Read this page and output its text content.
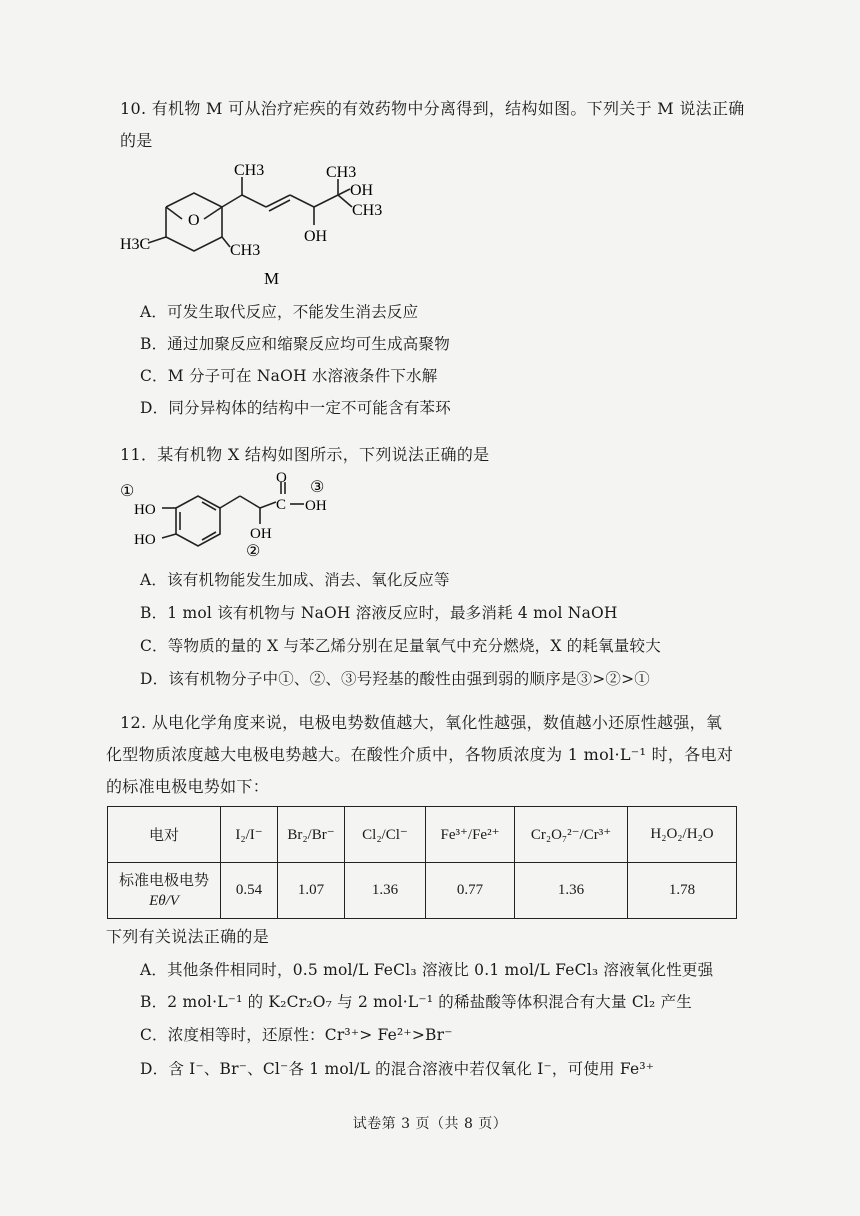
10. 有机物 M 可从治疗疟疾的有效药物中分离得到，结构如图。下列关于 M 说法正确
的是
CH3	CH3
OH
CH3
OH
CH3
H3C
O
M
A．可发生取代反应，不能发生消去反应
B．通过加聚反应和缩聚反应均可生成高聚物
C．M 分子可在 NaOH 水溶液条件下水解
D．同分异构体的结构中一定不可能含有苯环
11．某有机物 X 结构如图所示，下列说法正确的是
①	③
O
C OH
HO
HO	OH
②
A．该有机物能发生加成、消去、氧化反应等
B．1 mol 该有机物与 NaOH 溶液反应时，最多消耗 4 mol NaOH
C．等物质的量的 X 与苯乙烯分别在足量氧气中充分燃烧，X 的耗氧量较大
D．该有机物分子中①、②、③号羟基的酸性由强到弱的顺序是③>②>①
12. 从电化学角度来说，电极电势数值越大，氧化性越强，数值越小还原性越强，氧
化型物质浓度越大电极电势越大。在酸性介质中，各物质浓度为 1 mol·L⁻¹ 时，各电对
的标准电极电势如下：
电对	I₂/I⁻	Br₂/Br⁻	Cl₂/Cl⁻	Fe³⁺/Fe²⁺	Cr₂O₇²⁻/Cr³⁺	H₂O₂/H₂O

标准电极电势
Eθ/V	0.54	1.07	1.36	0.77	1.36	1.78
下列有关说法正确的是
A．其他条件相同时，0.5 mol/L FeCl₃ 溶液比 0.1 mol/L FeCl₃ 溶液氧化性更强
B．2 mol·L⁻¹ 的 K₂Cr₂O₇ 与 2 mol·L⁻¹ 的稀盐酸等体积混合有大量 Cl₂ 产生
C．浓度相等时，还原性：Cr³⁺> Fe²⁺>Br⁻
D．含 I⁻、Br⁻、Cl⁻各 1 mol/L 的混合溶液中若仅氧化 I⁻，可使用 Fe³⁺
试卷第 3 页（共 8 页）
